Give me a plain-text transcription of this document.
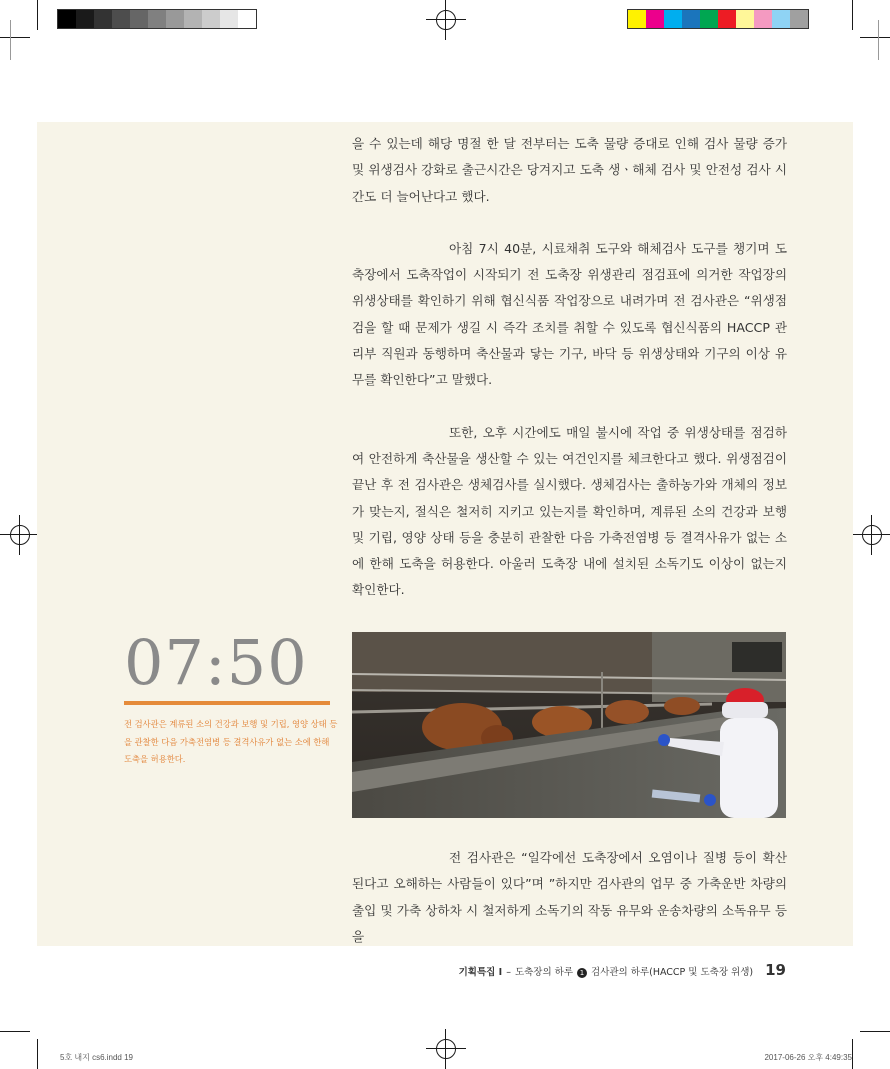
을 수 있는데 해당 명절 한 달 전부터는 도축 물량 증대로 인해 검사 물량 증가 및 위생검사 강화로 출근시간은 당겨지고 도축 생ㆍ해체 검사 및 안전성 검사 시간도 더 늘어난다고 했다.

아침 7시 40분, 시료채취 도구와 해체검사 도구를 챙기며 도축장에서 도축작업이 시작되기 전 도축장 위생관리 점검표에 의거한 작업장의 위생상태를 확인하기 위해 협신식품 작업장으로 내려가며 전 검사관은 “위생점검을 할 때 문제가 생길 시 즉각 조치를 취할 수 있도록 협신식품의 HACCP 관리부 직원과 동행하며 축산물과 닿는 기구, 바닥 등 위생상태와 기구의 이상 유무를 확인한다”고 말했다.

또한, 오후 시간에도 매일 불시에 작업 중 위생상태를 점검하여 안전하게 축산물을 생산할 수 있는 여건인지를 체크한다고 했다. 위생점검이 끝난 후 전 검사관은 생체검사를 실시했다. 생체검사는 출하농가와 개체의 정보가 맞는지, 절식은 철저히 지키고 있는지를 확인하며, 계류된 소의 건강과 보행 및 기립, 영양 상태 등을 충분히 관찰한 다음 가축전염병 등 결격사유가 없는 소에 한해 도축을 허용한다. 아울러 도축장 내에 설치된 소독기도 이상이 없는지 확인한다.

07:50
전 검사관은 계류된 소의 건강과 보행 및 기립, 영양 상태 등을 관찰한 다음 가축전염병 등 결격사유가 없는 소에 한해 도축을 허용한다.

전 검사관은 “일각에선 도축장에서 오염이나 질병 등이 확산된다고 오해하는 사람들이 있다”며 ”하지만 검사관의 업무 중 가축운반 차량의 출입 및 가축 상하차 시 철저하게 소독기의 작동 유무와 운송차량의 소독유무 등을

기획특집 I – 도축장의 하루 1 검사관의 하루(HACCP 및 도축장 위생) 19
5호 내지 cs6.indd 19	2017-06-26 오후 4:49:35
